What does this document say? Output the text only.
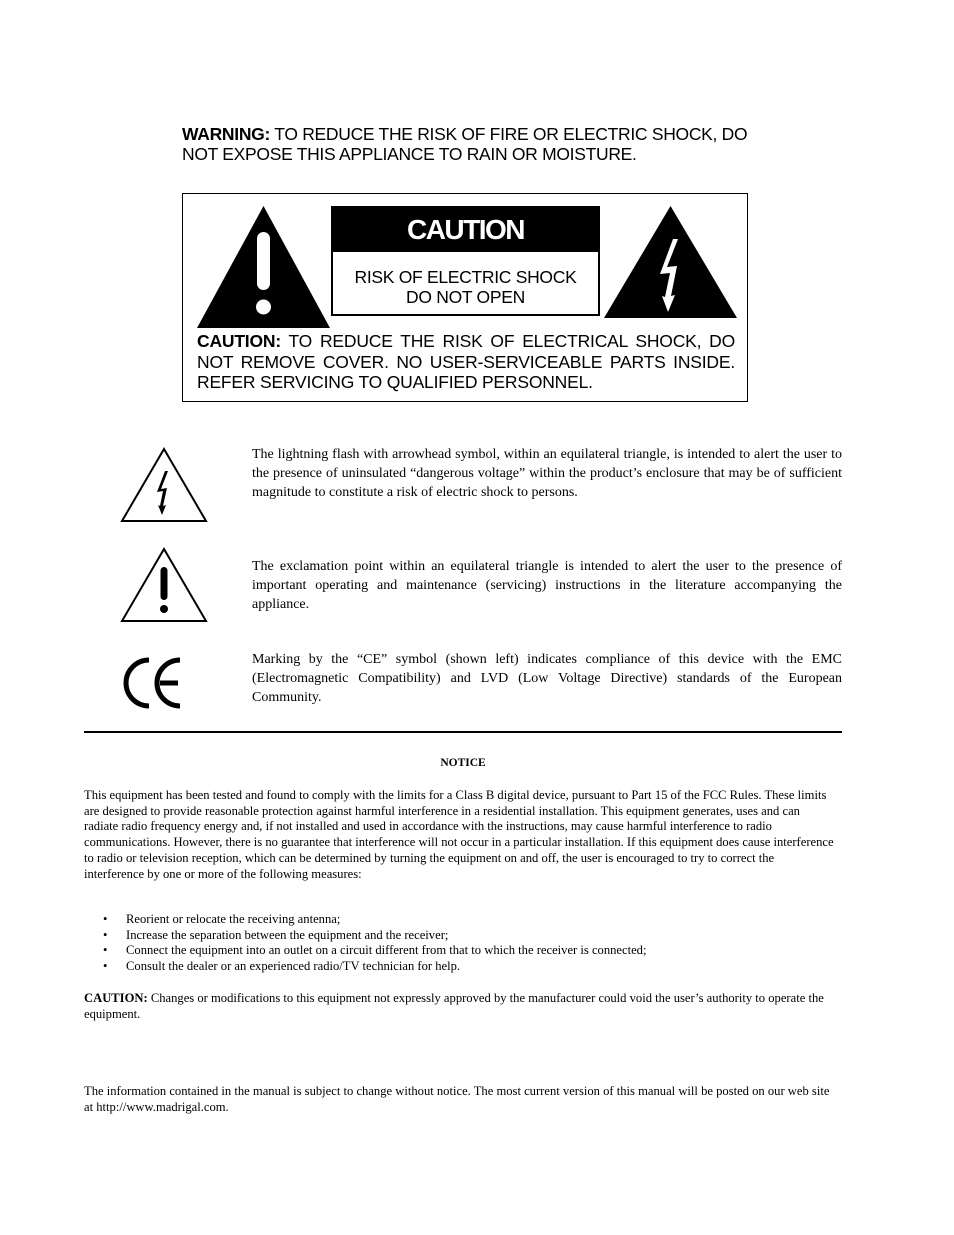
WARNING: TO REDUCE THE RISK OF FIRE OR ELECTRIC SHOCK, DO NOT EXPOSE THIS APPLIANCE TO RAIN OR MOISTURE.
CAUTION
RISK OF ELECTRIC SHOCK
DO NOT OPEN
CAUTION: TO REDUCE THE RISK OF ELECTRICAL SHOCK, DO NOT REMOVE COVER. NO USER-SERVICEABLE PARTS INSIDE. REFER SERVICING TO QUALIFIED PERSONNEL.
The lightning flash with arrowhead symbol, within an equilateral triangle, is intended to alert the user to the presence of uninsulated “dangerous voltage” within the product’s enclosure that may be of sufficient magnitude to constitute a risk of electric shock to persons.
The exclamation point within an equilateral triangle is intended to alert the user to the presence of important operating and maintenance (servicing) instructions in the literature accompanying the appliance.
Marking by the “CE” symbol (shown left) indicates compliance of this device with the EMC (Electromagnetic Compatibility) and LVD (Low Voltage Directive) standards of the European Community.
NOTICE
This equipment has been tested and found to comply with the limits for a Class B digital device, pursuant to Part 15 of the FCC Rules. These limits are designed to provide reasonable protection against harmful interference in a residential installation. This equipment generates, uses and can radiate radio frequency energy and, if not installed and used in accordance with the instructions, may cause harmful interference to radio communications. However, there is no guarantee that interference will not occur in a particular installation. If this equipment does cause interference to radio or television reception, which can be determined by turning the equipment on and off, the user is encouraged to try to correct the interference by one or more of the following measures:
• Reorient or relocate the receiving antenna;
• Increase the separation between the equipment and the receiver;
• Connect the equipment into an outlet on a circuit different from that to which the receiver is connected;
• Consult the dealer or an experienced radio/TV technician for help.
CAUTION: Changes or modifications to this equipment not expressly approved by the manufacturer could void the user’s authority to operate the equipment.
The information contained in the manual is subject to change without notice. The most current version of this manual will be posted on our web site at http://www.madrigal.com.
